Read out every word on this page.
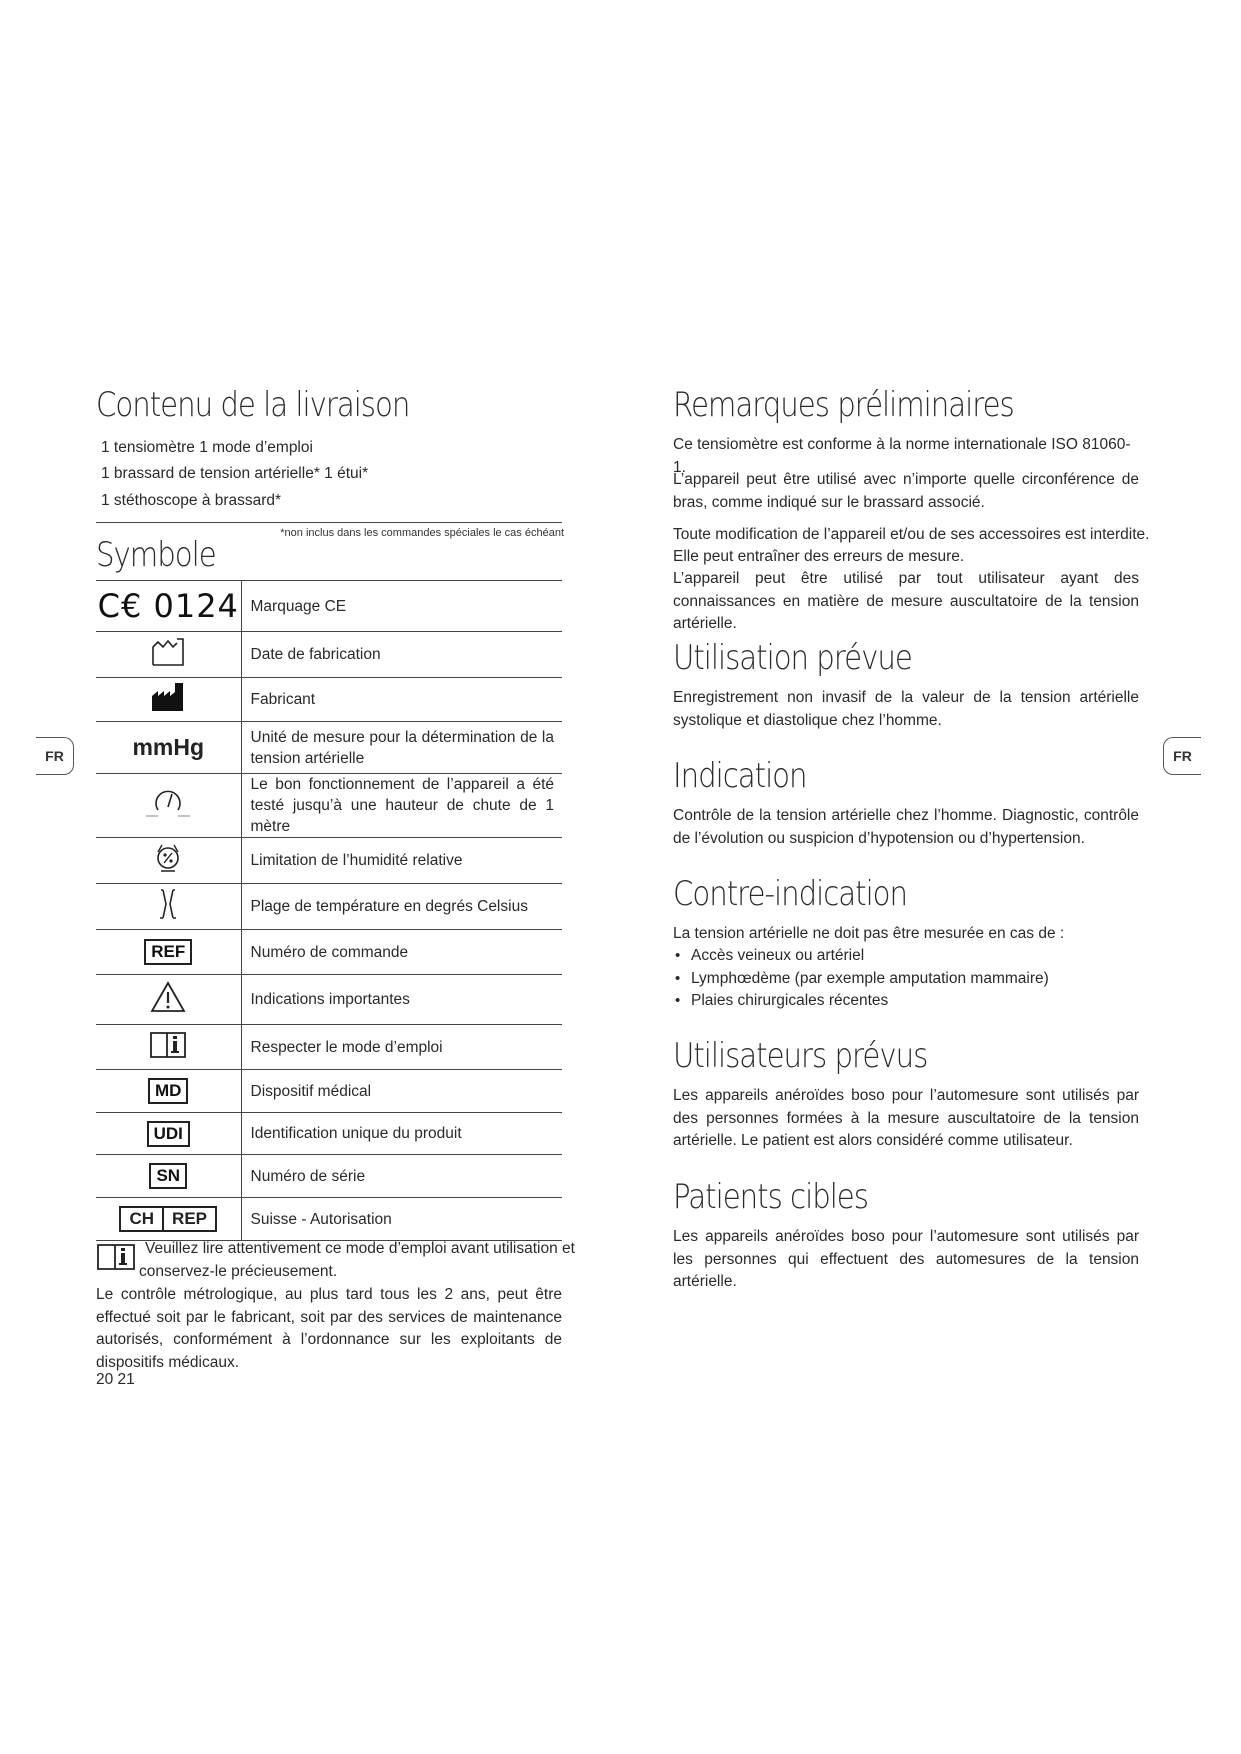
FR	FR
Contenu de la livraison
1 tensiomètre 1 mode d’emploi
1 brassard de tension artérielle* 1 étui*
1 stéthoscope à brassard*
*non inclus dans les commandes spéciales le cas échéant
Symbole
C€ 0124	Marquage CE
	Date de fabrication
	Fabricant
mmHg	Unité de mesure pour la détermination de la tension artérielle
	Le bon fonctionnement de l’appareil a été testé jusqu’à une hauteur de chute de 1 mètre
	Limitation de l’humidité relative
	Plage de température en degrés Celsius
REF	Numéro de commande
	Indications importantes
	Respecter le mode d’emploi
MD	Dispositif médical
UDI	Identification unique du produit
SN	Numéro de série

CH REP	Suisse - Autorisation
Veuillez lire attentivement ce mode d’emploi avant utilisation et
conservez-le précieusement.
Le contrôle métrologique, au plus tard tous les 2 ans, peut être effectué soit par le fabricant, soit par des services de maintenance autorisés, conformément à l’ordonnance sur les exploitants de dispositifs médicaux.
20 21
Remarques préliminaires
Ce tensiomètre est conforme à la norme internationale ISO 81060-1.
L’appareil peut être utilisé avec n’importe quelle circonférence de bras, comme indiqué sur le brassard associé.
Toute modification de l’appareil et/ou de ses accessoires est interdite.
Elle peut entraîner des erreurs de mesure.
L’appareil peut être utilisé par tout utilisateur ayant des connaissances en matière de mesure auscultatoire de la tension artérielle.
Utilisation prévue
Enregistrement non invasif de la valeur de la tension artérielle systolique et diastolique chez l’homme.
Indication
Contrôle de la tension artérielle chez l’homme. Diagnostic, contrôle de l’évolution ou suspicion d’hypotension ou d’hypertension.
Contre-indication
La tension artérielle ne doit pas être mesurée en cas de :
• Accès veineux ou artériel
• Lymphœdème (par exemple amputation mammaire)
• Plaies chirurgicales récentes
Utilisateurs prévus
Les appareils anéroïdes boso pour l’automesure sont utilisés par des personnes formées à la mesure auscultatoire de la tension artérielle. Le patient est alors considéré comme utilisateur.
Patients cibles
Les appareils anéroïdes boso pour l’automesure sont utilisés par les personnes qui effectuent des automesures de la tension artérielle.
